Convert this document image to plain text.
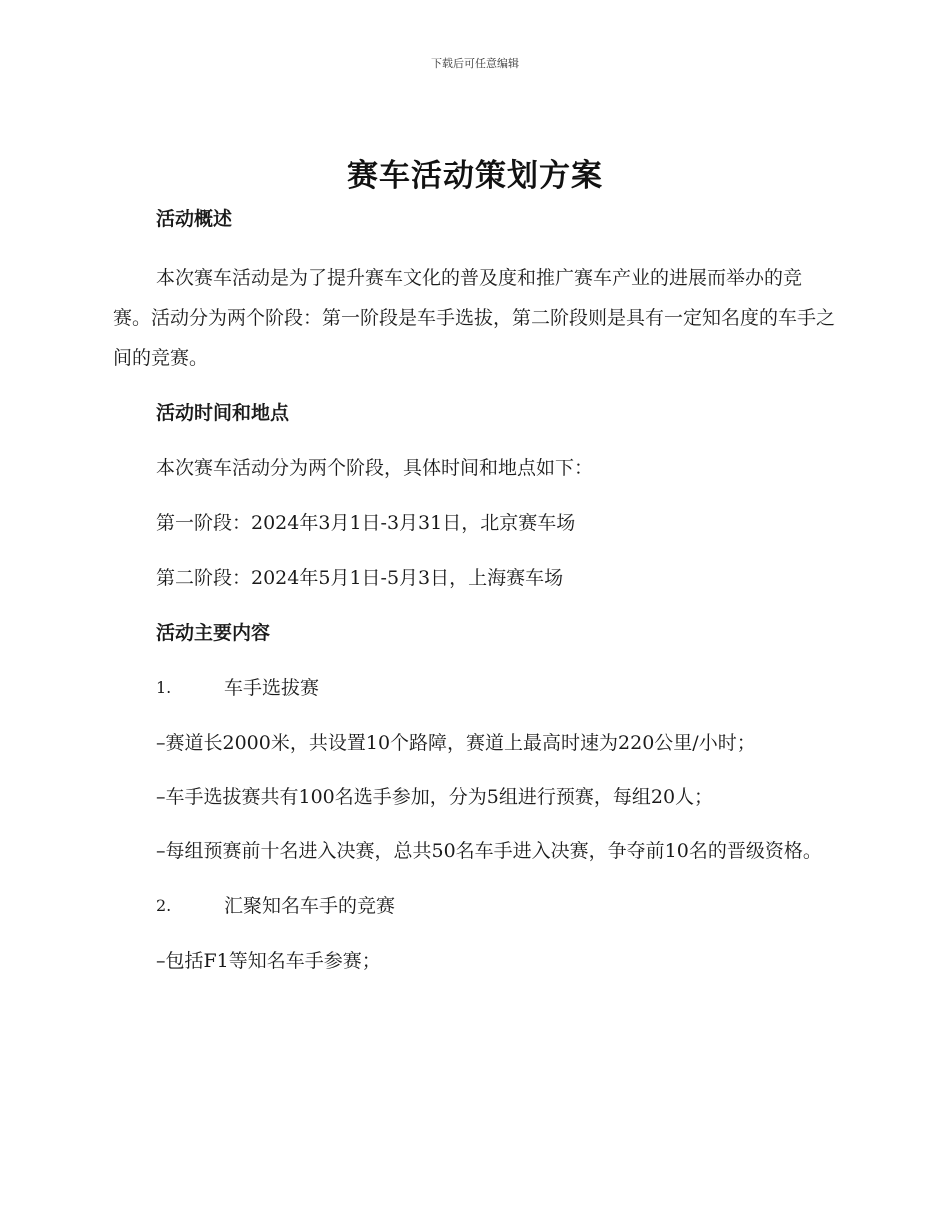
下载后可任意编辑
赛车活动策划方案

活动概述

本次赛车活动是为了提升赛车文化的普及度和推广赛车产业的进展而举办的竞赛。活动分为两个阶段：第一阶段是车手选拔，第二阶段则是具有一定知名度的车手之间的竞赛。

活动时间和地点

本次赛车活动分为两个阶段，具体时间和地点如下：

第一阶段：2024年3月1日-3月31日，北京赛车场

第二阶段：2024年5月1日-5月3日，上海赛车场

活动主要内容

1.	车手选拔赛

–赛道长2000米，共设置10个路障，赛道上最高时速为220公里/小时；

–车手选拔赛共有100名选手参加，分为5组进行预赛，每组20人；

–每组预赛前十名进入决赛，总共50名车手进入决赛，争夺前10名的晋级资格。

2.	汇聚知名车手的竞赛

–包括F1等知名车手参赛；
